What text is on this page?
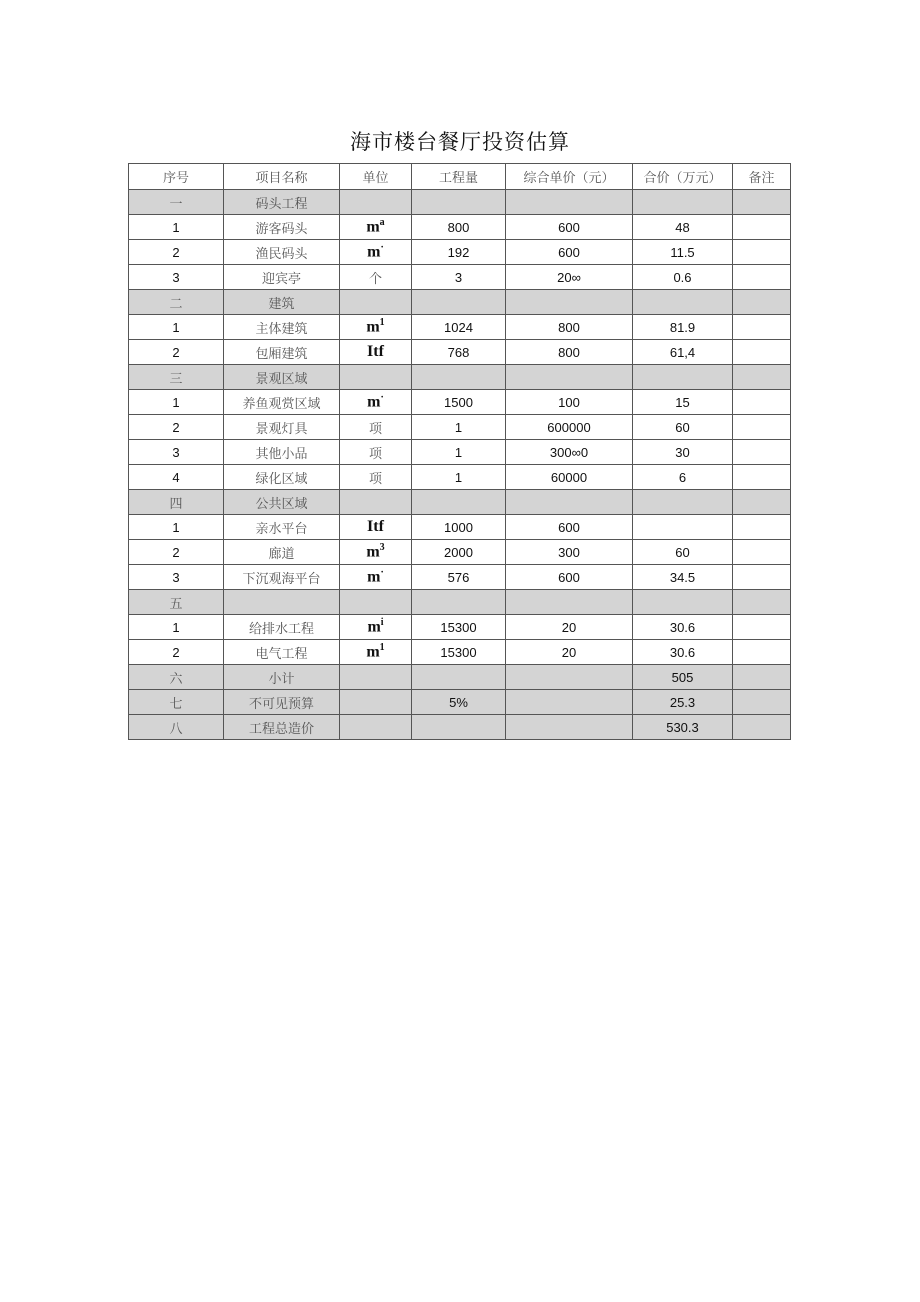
海市楼台餐厅投资估算
序号	项目名称	单位	工程量	综合单价（元）	合价（万元）	备注
一	码头工程					
1	游客码头	$m^a$	800	600	48	
2	渔民码头	m·	192	600	11.5	
3	迎宾亭	个	3	20∞	0.6	
二	建筑					
1	主体建筑	$m^1$	1024	800	81.9	
2	包厢建筑	Itf	768	800	61,4	
三	景观区域					
1	养鱼观赏区域	m·	1500	100	15	
2	景观灯具	项	1	600000	60	
3	其他小品	项	1	300∞0	30	
4	绿化区域	项	1	60000	6	
四	公共区域					
1	亲水平台	Itf	1000	600		
2	廊道	$m^3$	2000	300	60	
3	下沉观海平台	m·	576	600	34.5	
五						
1	给排水工程	$m^i$	15300	20	30.6	
2	电气工程	$m^1$	15300	20	30.6	
六	小计				505	
七	不可见预算		5%		25.3	
八	工程总造价				530.3	
